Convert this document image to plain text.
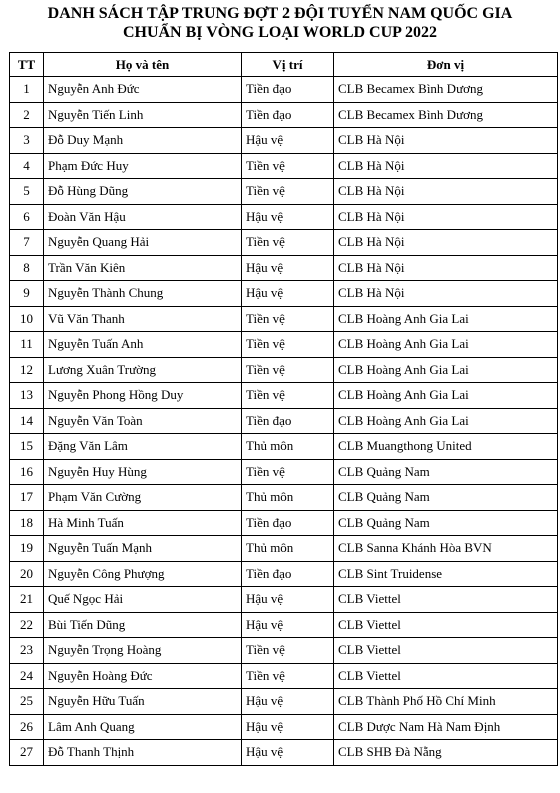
DANH SÁCH TẬP TRUNG ĐỢT 2 ĐỘI TUYỂN NAM QUỐC GIA
CHUẨN BỊ VÒNG LOẠI WORLD CUP 2022
TT	Họ và tên	Vị trí	Đơn vị
1	Nguyễn Anh Đức	Tiền đạo	CLB Becamex Bình Dương
2	Nguyễn Tiến Linh	Tiền đạo	CLB Becamex Bình Dương
3	Đỗ Duy Mạnh	Hậu vệ	CLB Hà Nội
4	Phạm Đức Huy	Tiền vệ	CLB Hà Nội
5	Đỗ Hùng Dũng	Tiền vệ	CLB Hà Nội
6	Đoàn Văn Hậu	Hậu vệ	CLB Hà Nội
7	Nguyễn Quang Hải	Tiền vệ	CLB Hà Nội
8	Trần Văn Kiên	Hậu vệ	CLB Hà Nội
9	Nguyễn Thành Chung	Hậu vệ	CLB Hà Nội
10	Vũ Văn Thanh	Tiền vệ	CLB Hoàng Anh Gia Lai
11	Nguyễn Tuấn Anh	Tiền vệ	CLB Hoàng Anh Gia Lai
12	Lương Xuân Trường	Tiền vệ	CLB Hoàng Anh Gia Lai
13	Nguyễn Phong Hồng Duy	Tiền vệ	CLB Hoàng Anh Gia Lai
14	Nguyễn Văn Toàn	Tiền đạo	CLB Hoàng Anh Gia Lai
15	Đặng Văn Lâm	Thủ môn	CLB Muangthong United
16	Nguyễn Huy Hùng	Tiền vệ	CLB Quảng Nam
17	Phạm Văn Cường	Thủ môn	CLB Quảng Nam
18	Hà Minh Tuấn	Tiền đạo	CLB Quảng Nam
19	Nguyễn Tuấn Mạnh	Thủ môn	CLB Sanna Khánh Hòa BVN
20	Nguyễn Công Phượng	Tiền đạo	CLB Sint Truidense
21	Quế Ngọc Hải	Hậu vệ	CLB Viettel
22	Bùi Tiến Dũng	Hậu vệ	CLB Viettel
23	Nguyễn Trọng Hoàng	Tiền vệ	CLB Viettel
24	Nguyễn Hoàng Đức	Tiền vệ	CLB Viettel
25	Nguyễn Hữu Tuấn	Hậu vệ	CLB Thành Phố Hồ Chí Minh
26	Lâm Anh Quang	Hậu vệ	CLB Dược Nam Hà Nam Định
27	Đỗ Thanh Thịnh	Hậu vệ	CLB SHB Đà Nẵng
